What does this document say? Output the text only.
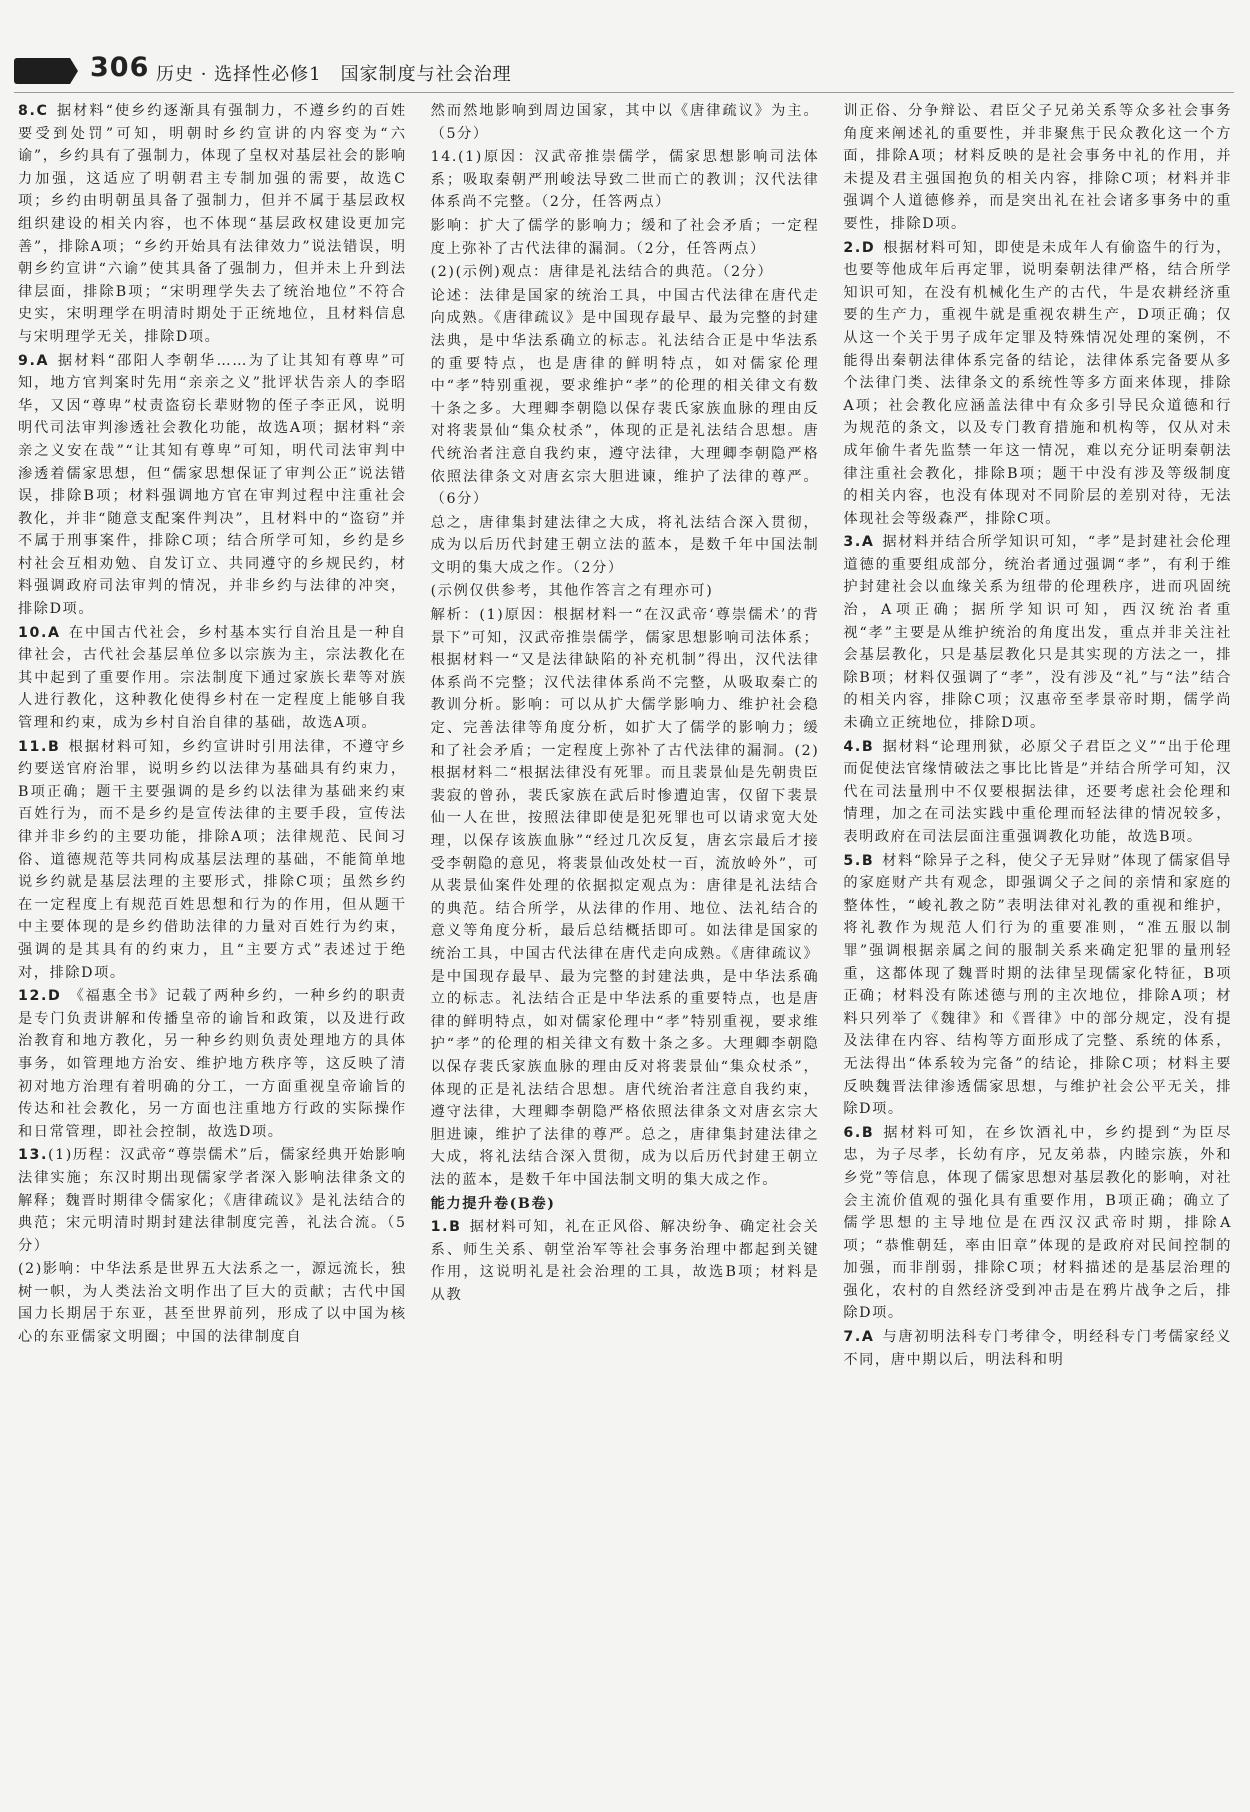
306 历史 · 选择性必修1　国家制度与社会治理

8.C 据材料“使乡约逐渐具有强制力，不遵乡约的百姓要受到处罚”可知，明朝时乡约宣讲的内容变为“六谕”，乡约具有了强制力，体现了皇权对基层社会的影响力加强，这适应了明朝君主专制加强的需要，故选C项；乡约由明朝虽具备了强制力，但并不属于基层政权组织建设的相关内容，也不体现“基层政权建设更加完善”，排除A项；“乡约开始具有法律效力”说法错误，明朝乡约宣讲“六谕”使其具备了强制力，但并未上升到法律层面，排除B项；“宋明理学失去了统治地位”不符合史实，宋明理学在明清时期处于正统地位，且材料信息与宋明理学无关，排除D项。

9.A 据材料“邵阳人李朝华……为了让其知有尊卑”可知，地方官判案时先用“亲亲之义”批评状告亲人的李昭华，又因“尊卑”杖责盗窃长辈财物的侄子李正风，说明明代司法审判渗透社会教化功能，故选A项；据材料“亲亲之义安在哉”“让其知有尊卑”可知，明代司法审判中渗透着儒家思想，但“儒家思想保证了审判公正”说法错误，排除B项；材料强调地方官在审判过程中注重社会教化，并非“随意支配案件判决”，且材料中的“盗窃”并不属于刑事案件，排除C项；结合所学可知，乡约是乡村社会互相劝勉、自发订立、共同遵守的乡规民约，材料强调政府司法审判的情况，并非乡约与法律的冲突，排除D项。

10.A 在中国古代社会，乡村基本实行自治且是一种自律社会，古代社会基层单位多以宗族为主，宗法教化在其中起到了重要作用。宗法制度下通过家族长辈等对族人进行教化，这种教化使得乡村在一定程度上能够自我管理和约束，成为乡村自治自律的基础，故选A项。

11.B 根据材料可知，乡约宣讲时引用法律，不遵守乡约要送官府治罪，说明乡约以法律为基础具有约束力，B项正确；题干主要强调的是乡约以法律为基础来约束百姓行为，而不是乡约是宣传法律的主要手段，宣传法律并非乡约的主要功能，排除A项；法律规范、民间习俗、道德规范等共同构成基层法理的基础，不能简单地说乡约就是基层法理的主要形式，排除C项；虽然乡约在一定程度上有规范百姓思想和行为的作用，但从题干中主要体现的是乡约借助法律的力量对百姓行为约束，强调的是其具有的约束力，且“主要方式”表述过于绝对，排除D项。

12.D 《福惠全书》记载了两种乡约，一种乡约的职责是专门负责讲解和传播皇帝的谕旨和政策，以及进行政治教育和地方教化，另一种乡约则负责处理地方的具体事务，如管理地方治安、维护地方秩序等，这反映了清初对地方治理有着明确的分工，一方面重视皇帝谕旨的传达和社会教化，另一方面也注重地方行政的实际操作和日常管理，即社会控制，故选D项。

13.(1)历程：汉武帝“尊崇儒术”后，儒家经典开始影响法律实施；东汉时期出现儒家学者深入影响法律条文的解释；魏晋时期律令儒家化；《唐律疏议》是礼法结合的典范；宋元明清时期封建法律制度完善，礼法合流。（5分）

(2)影响：中华法系是世界五大法系之一，源远流长，独树一帜，为人类法治文明作出了巨大的贡献；古代中国国力长期居于东亚，甚至世界前列，形成了以中国为核心的东亚儒家文明圈；中国的法律制度自

然而然地影响到周边国家，其中以《唐律疏议》为主。（5分）

14.(1)原因：汉武帝推崇儒学，儒家思想影响司法体系；吸取秦朝严刑峻法导致二世而亡的教训；汉代法律体系尚不完整。（2分，任答两点）

影响：扩大了儒学的影响力；缓和了社会矛盾；一定程度上弥补了古代法律的漏洞。（2分，任答两点）

(2)(示例)观点：唐律是礼法结合的典范。（2分）

论述：法律是国家的统治工具，中国古代法律在唐代走向成熟。《唐律疏议》是中国现存最早、最为完整的封建法典，是中华法系确立的标志。礼法结合正是中华法系的重要特点，也是唐律的鲜明特点，如对儒家伦理中“孝”特别重视，要求维护“孝”的伦理的相关律文有数十条之多。大理卿李朝隐以保存裴氏家族血脉的理由反对将裴景仙“集众杖杀”，体现的正是礼法结合思想。唐代统治者注意自我约束，遵守法律，大理卿李朝隐严格依照法律条文对唐玄宗大胆进谏，维护了法律的尊严。（6分）

总之，唐律集封建法律之大成，将礼法结合深入贯彻，成为以后历代封建王朝立法的蓝本，是数千年中国法制文明的集大成之作。（2分）

(示例仅供参考，其他作答言之有理亦可)

解析：(1)原因：根据材料一“在汉武帝‘尊崇儒术’的背景下”可知，汉武帝推崇儒学，儒家思想影响司法体系；根据材料一“又是法律缺陷的补充机制”得出，汉代法律体系尚不完整；汉代法律体系尚不完整，从吸取秦亡的教训分析。影响：可以从扩大儒学影响力、维护社会稳定、完善法律等角度分析，如扩大了儒学的影响力；缓和了社会矛盾；一定程度上弥补了古代法律的漏洞。(2)根据材料二“根据法律没有死罪。而且裴景仙是先朝贵臣裴寂的曾孙，裴氏家族在武后时惨遭迫害，仅留下裴景仙一人在世，按照法律即使是犯死罪也可以请求宽大处理，以保存该族血脉”“经过几次反复，唐玄宗最后才接受李朝隐的意见，将裴景仙改处杖一百，流放岭外”，可从裴景仙案件处理的依据拟定观点为：唐律是礼法结合的典范。结合所学，从法律的作用、地位、法礼结合的意义等角度分析，最后总结概括即可。如法律是国家的统治工具，中国古代法律在唐代走向成熟。《唐律疏议》是中国现存最早、最为完整的封建法典，是中华法系确立的标志。礼法结合正是中华法系的重要特点，也是唐律的鲜明特点，如对儒家伦理中“孝”特别重视，要求维护“孝”的伦理的相关律文有数十条之多。大理卿李朝隐以保存裴氏家族血脉的理由反对将裴景仙“集众杖杀”，体现的正是礼法结合思想。唐代统治者注意自我约束，遵守法律，大理卿李朝隐严格依照法律条文对唐玄宗大胆进谏，维护了法律的尊严。总之，唐律集封建法律之大成，将礼法结合深入贯彻，成为以后历代封建王朝立法的蓝本，是数千年中国法制文明的集大成之作。

能力提升卷(B卷)

1.B 据材料可知，礼在正风俗、解决纷争、确定社会关系、师生关系、朝堂治军等社会事务治理中都起到关键作用，这说明礼是社会治理的工具，故选B项；材料是从教

训正俗、分争辩讼、君臣父子兄弟关系等众多社会事务角度来阐述礼的重要性，并非聚焦于民众教化这一个方面，排除A项；材料反映的是社会事务中礼的作用，并未提及君主强国抱负的相关内容，排除C项；材料并非强调个人道德修养，而是突出礼在社会诸多事务中的重要性，排除D项。

2.D 根据材料可知，即使是未成年人有偷盗牛的行为，也要等他成年后再定罪，说明秦朝法律严格，结合所学知识可知，在没有机械化生产的古代，牛是农耕经济重要的生产力，重视牛就是重视农耕生产，D项正确；仅从这一个关于男子成年定罪及特殊情况处理的案例，不能得出秦朝法律体系完备的结论，法律体系完备要从多个法律门类、法律条文的系统性等多方面来体现，排除A项；社会教化应涵盖法律中有众多引导民众道德和行为规范的条文，以及专门教育措施和机构等，仅从对未成年偷牛者先监禁一年这一情况，难以充分证明秦朝法律注重社会教化，排除B项；题干中没有涉及等级制度的相关内容，也没有体现对不同阶层的差别对待，无法体现社会等级森严，排除C项。

3.A 据材料并结合所学知识可知，“孝”是封建社会伦理道德的重要组成部分，统治者通过强调“孝”，有利于维护封建社会以血缘关系为纽带的伦理秩序，进而巩固统治，A项正确；据所学知识可知，西汉统治者重视“孝”主要是从维护统治的角度出发，重点并非关注社会基层教化，只是基层教化只是其实现的方法之一，排除B项；材料仅强调了“孝”，没有涉及“礼”与“法”结合的相关内容，排除C项；汉惠帝至孝景帝时期，儒学尚未确立正统地位，排除D项。

4.B 据材料“论理刑狱，必原父子君臣之义”“出于伦理而促使法官缘情破法之事比比皆是”并结合所学可知，汉代在司法量刑中不仅要根据法律，还要考虑社会伦理和情理，加之在司法实践中重伦理而轻法律的情况较多，表明政府在司法层面注重强调教化功能，故选B项。

5.B 材料“除异子之科，使父子无异财”体现了儒家倡导的家庭财产共有观念，即强调父子之间的亲情和家庭的整体性，“峻礼教之防”表明法律对礼教的重视和维护，将礼教作为规范人们行为的重要准则，“准五服以制罪”强调根据亲属之间的服制关系来确定犯罪的量刑轻重，这都体现了魏晋时期的法律呈现儒家化特征，B项正确；材料没有陈述德与刑的主次地位，排除A项；材料只列举了《魏律》和《晋律》中的部分规定，没有提及法律在内容、结构等方面形成了完整、系统的体系，无法得出“体系较为完备”的结论，排除C项；材料主要反映魏晋法律渗透儒家思想，与维护社会公平无关，排除D项。

6.B 据材料可知，在乡饮酒礼中，乡约提到“为臣尽忠，为子尽孝，长幼有序，兄友弟恭，内睦宗族，外和乡党”等信息，体现了儒家思想对基层教化的影响，对社会主流价值观的强化具有重要作用，B项正确；确立了儒学思想的主导地位是在西汉汉武帝时期，排除A项；“恭惟朝廷，率由旧章”体现的是政府对民间控制的加强，而非削弱，排除C项；材料描述的是基层治理的强化，农村的自然经济受到冲击是在鸦片战争之后，排除D项。

7.A 与唐初明法科专门考律令，明经科专门考儒家经义不同，唐中期以后，明法科和明
